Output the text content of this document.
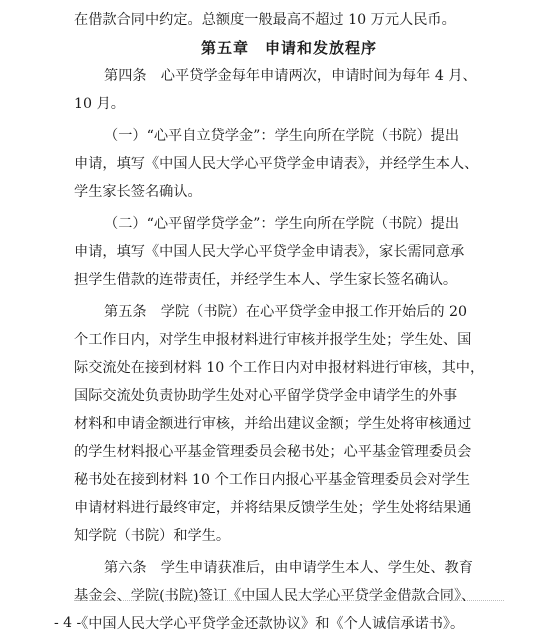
在借款合同中约定。总额度一般最高不超过 10 万元人民币。

第五章　申请和发放程序

第四条　心平贷学金每年申请两次，申请时间为每年 4 月、
10 月。

（一）“心平自立贷学金”：学生向所在学院（书院）提出
申请，填写《中国人民大学心平贷学金申请表》，并经学生本人、
学生家长签名确认。

（二）“心平留学贷学金”：学生向所在学院（书院）提出
申请，填写《中国人民大学心平贷学金申请表》，家长需同意承
担学生借款的连带责任，并经学生本人、学生家长签名确认。

第五条　学院（书院）在心平贷学金申报工作开始后的 20
个工作日内，对学生申报材料进行审核并报学生处；学生处、国
际交流处在接到材料 10 个工作日内对申报材料进行审核，其中，
国际交流处负责协助学生处对心平留学贷学金申请学生的外事
材料和申请金额进行审核，并给出建议金额；学生处将审核通过
的学生材料报心平基金管理委员会秘书处；心平基金管理委员会
秘书处在接到材料 10 个工作日内报心平基金管理委员会对学生
申请材料进行最终审定，并将结果反馈学生处；学生处将结果通
知学院（书院）和学生。

第六条　学生申请获准后，由申请学生本人、学生处、教育
基金会、学院(书院)签订《中国人民大学心平贷学金借款合同》、
《中国人民大学心平贷学金还款协议》和《个人诚信承诺书》。

- 4 -
